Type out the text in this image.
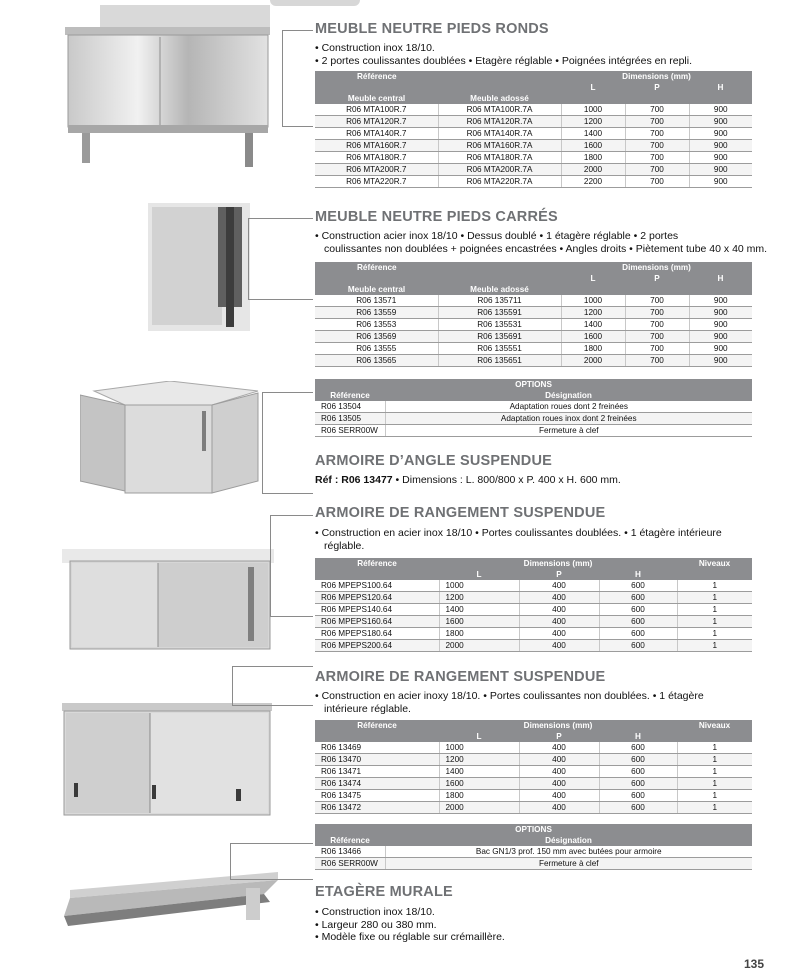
MEUBLE NEUTRE PIEDS RONDS
• Construction inox 18/10.
• 2 portes coulissantes doublées • Etagère réglable • Poignées intégrées en repli.
Référence		Dimensions (mm)		
		L	P	H
Meuble central	Meuble adossé			
R06 MTA100R.7	R06 MTA100R.7A	1000	700	900
R06 MTA120R.7	R06 MTA120R.7A	1200	700	900
R06 MTA140R.7	R06 MTA140R.7A	1400	700	900
R06 MTA160R.7	R06 MTA160R.7A	1600	700	900
R06 MTA180R.7	R06 MTA180R.7A	1800	700	900
R06 MTA200R.7	R06 MTA200R.7A	2000	700	900
R06 MTA220R.7	R06 MTA220R.7A	2200	700	900
MEUBLE NEUTRE PIEDS CARRÉS
• Construction acier inox 18/10 • Dessus doublé • 1 étagère réglable • 2 portes
coulissantes non doublées + poignées encastrées • Angles droits • Piètement tube 40 x 40 mm.
Référence		Dimensions (mm)		
		L	P	H
Meuble central	Meuble adossé			
R06 13571	R06 135711	1000	700	900
R06 13559	R06 135591	1200	700	900
R06 13553	R06 135531	1400	700	900
R06 13569	R06 135691	1600	700	900
R06 13555	R06 135551	1800	700	900
R06 13565	R06 135651	2000	700	900
OPTIONS	
Référence	Désignation
R06 13504	Adaptation roues dont 2 freinées
R06 13505	Adaptation roues inox dont 2 freinées
R06 SERR00W	Fermeture à clef
ARMOIRE D’ANGLE SUSPENDUE
Réf : R06 13477 • Dimensions : L. 800/800 x P. 400 x H. 600 mm.
ARMOIRE DE RANGEMENT SUSPENDUE
• Construction en acier inox 18/10 • Portes coulissantes doublées. • 1 étagère intérieure
réglable.
Référence	Dimensions (mm)			Niveaux
	L	P	H	
R06 MPEPS100.64	1000	400	600	1
R06 MPEPS120.64	1200	400	600	1
R06 MPEPS140.64	1400	400	600	1
R06 MPEPS160.64	1600	400	600	1
R06 MPEPS180.64	1800	400	600	1
R06 MPEPS200.64	2000	400	600	1
ARMOIRE DE RANGEMENT SUSPENDUE
• Construction en acier inoxy 18/10. • Portes coulissantes non doublées. • 1 étagère
intérieure réglable.
Référence	Dimensions (mm)			Niveaux
	L	P	H	
R06 13469	1000	400	600	1
R06 13470	1200	400	600	1
R06 13471	1400	400	600	1
R06 13474	1600	400	600	1
R06 13475	1800	400	600	1
R06 13472	2000	400	600	1
OPTIONS	
Référence	Désignation
R06 13466	Bac GN1/3 prof. 150 mm avec butées pour armoire
R06 SERR00W	Fermeture à clef
ETAGÈRE MURALE
• Construction inox 18/10.
• Largeur 280 ou 380 mm.
• Modèle fixe ou réglable sur crémaillère.
135
